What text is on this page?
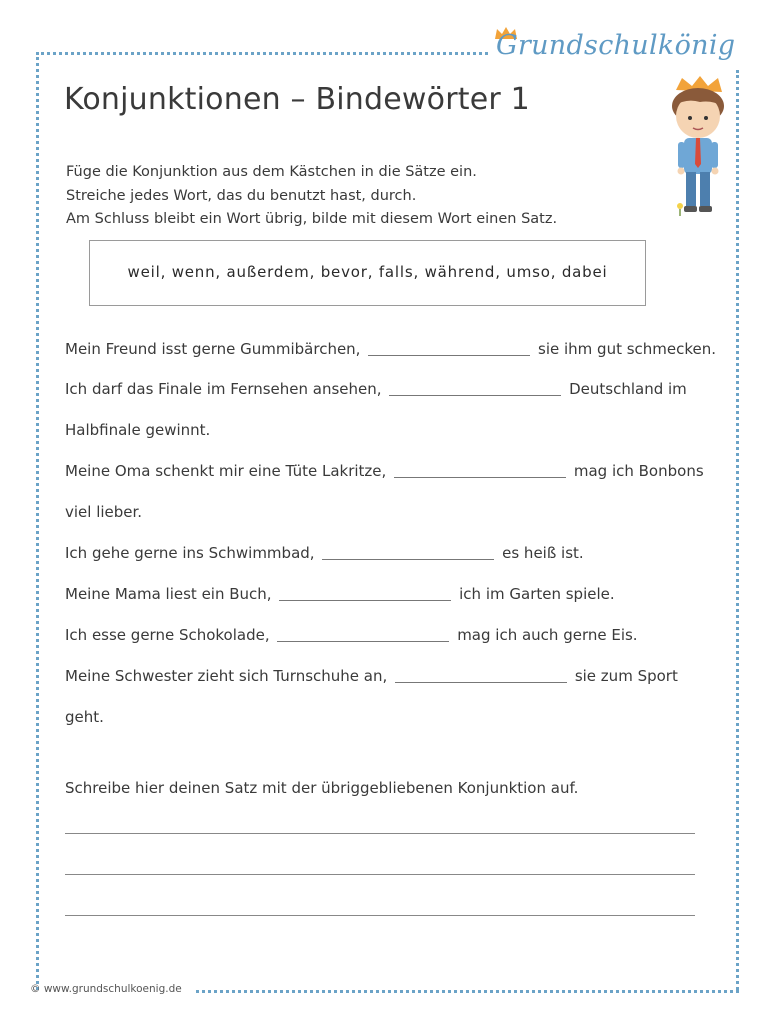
Grundschulkönig
Konjunktionen – Bindewörter 1
Füge die Konjunktion aus dem Kästchen in die Sätze ein.
Streiche jedes Wort, das du benutzt hast, durch.
Am Schluss bleibt ein Wort übrig, bilde mit diesem Wort einen Satz.
weil, wenn, außerdem, bevor, falls, während, umso, dabei
Mein Freund isst gerne Gummibärchen,	sie ihm gut schmecken.
Ich darf das Finale im Fernsehen ansehen,	Deutschland im
Halbfinale gewinnt.
Meine Oma schenkt mir eine Tüte Lakritze,	mag ich Bonbons
viel lieber.
Ich gehe gerne ins Schwimmbad,	es heiß ist.
Meine Mama liest ein Buch,	ich im Garten spiele.
Ich esse gerne Schokolade,	mag ich auch gerne Eis.
Meine Schwester zieht sich Turnschuhe an,	sie zum Sport
geht.
Schreibe hier deinen Satz mit der übriggebliebenen Konjunktion auf.
© www.grundschulkoenig.de
